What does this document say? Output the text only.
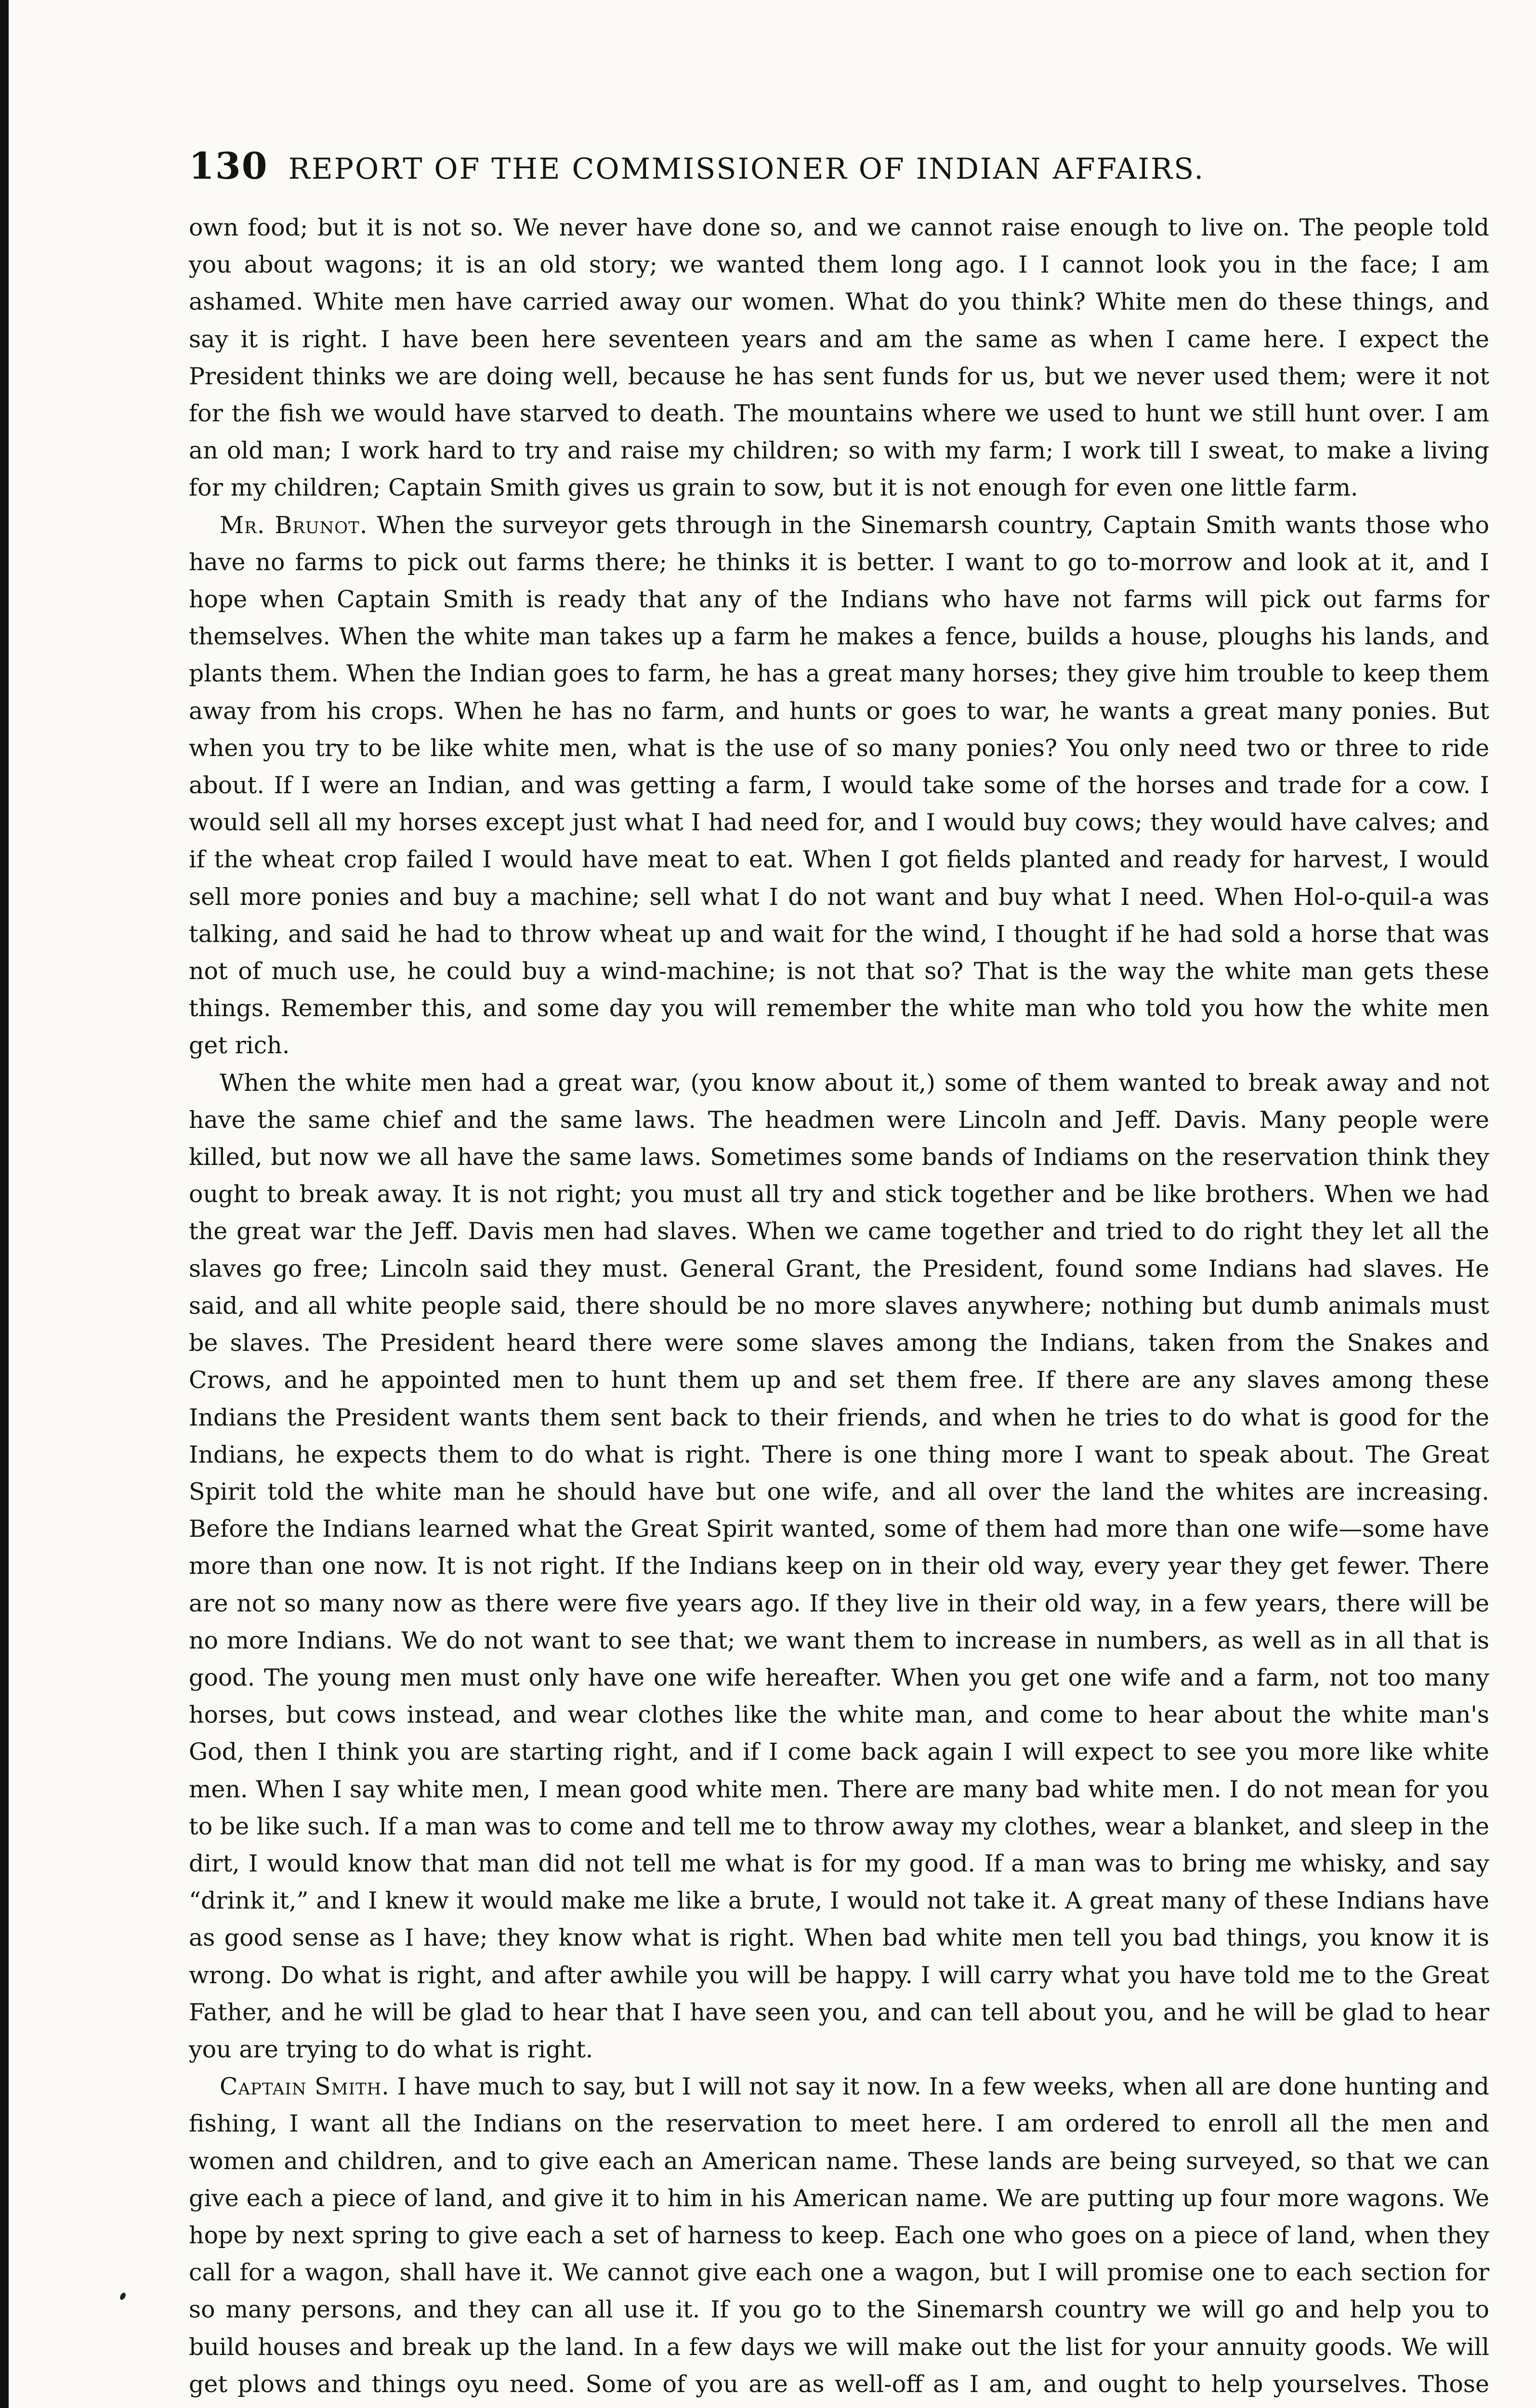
130 REPORT OF THE COMMISSIONER OF INDIAN AFFAIRS.

own food; but it is not so. We never have done so, and we cannot raise enough to live on. The people told you about wagons; it is an old story; we wanted them long ago. I I cannot look you in the face; I am ashamed. White men have carried away our women. What do you think? White men do these things, and say it is right. I have been here seventeen years and am the same as when I came here. I expect the President thinks we are doing well, because he has sent funds for us, but we never used them; were it not for the fish we would have starved to death. The mountains where we used to hunt we still hunt over. I am an old man; I work hard to try and raise my children; so with my farm; I work till I sweat, to make a living for my children; Captain Smith gives us grain to sow, but it is not enough for even one little farm.

Mr. Brunot. When the surveyor gets through in the Sinemarsh country, Captain Smith wants those who have no farms to pick out farms there; he thinks it is better. I want to go to-morrow and look at it, and I hope when Captain Smith is ready that any of the Indians who have not farms will pick out farms for themselves. When the white man takes up a farm he makes a fence, builds a house, ploughs his lands, and plants them. When the Indian goes to farm, he has a great many horses; they give him trouble to keep them away from his crops. When he has no farm, and hunts or goes to war, he wants a great many ponies. But when you try to be like white men, what is the use of so many ponies? You only need two or three to ride about. If I were an Indian, and was getting a farm, I would take some of the horses and trade for a cow. I would sell all my horses except just what I had need for, and I would buy cows; they would have calves; and if the wheat crop failed I would have meat to eat. When I got fields planted and ready for harvest, I would sell more ponies and buy a machine; sell what I do not want and buy what I need. When Hol-o-quil-a was talking, and said he had to throw wheat up and wait for the wind, I thought if he had sold a horse that was not of much use, he could buy a wind-machine; is not that so? That is the way the white man gets these things. Remember this, and some day you will remember the white man who told you how the white men get rich.

When the white men had a great war, (you know about it,) some of them wanted to break away and not have the same chief and the same laws. The headmen were Lincoln and Jeff. Davis. Many people were killed, but now we all have the same laws. Sometimes some bands of Indiams on the reservation think they ought to break away. It is not right; you must all try and stick together and be like brothers. When we had the great war the Jeff. Davis men had slaves. When we came together and tried to do right they let all the slaves go free; Lincoln said they must. General Grant, the President, found some Indians had slaves. He said, and all white people said, there should be no more slaves anywhere; nothing but dumb animals must be slaves. The President heard there were some slaves among the Indians, taken from the Snakes and Crows, and he appointed men to hunt them up and set them free. If there are any slaves among these Indians the President wants them sent back to their friends, and when he tries to do what is good for the Indians, he expects them to do what is right. There is one thing more I want to speak about. The Great Spirit told the white man he should have but one wife, and all over the land the whites are increasing. Before the Indians learned what the Great Spirit wanted, some of them had more than one wife—some have more than one now. It is not right. If the Indians keep on in their old way, every year they get fewer. There are not so many now as there were five years ago. If they live in their old way, in a few years, there will be no more Indians. We do not want to see that; we want them to increase in numbers, as well as in all that is good. The young men must only have one wife hereafter. When you get one wife and a farm, not too many horses, but cows instead, and wear clothes like the white man, and come to hear about the white man's God, then I think you are starting right, and if I come back again I will expect to see you more like white men. When I say white men, I mean good white men. There are many bad white men. I do not mean for you to be like such. If a man was to come and tell me to throw away my clothes, wear a blanket, and sleep in the dirt, I would know that man did not tell me what is for my good. If a man was to bring me whisky, and say “drink it,” and I knew it would make me like a brute, I would not take it. A great many of these Indians have as good sense as I have; they know what is right. When bad white men tell you bad things, you know it is wrong. Do what is right, and after awhile you will be happy. I will carry what you have told me to the Great Father, and he will be glad to hear that I have seen you, and can tell about you, and he will be glad to hear you are trying to do what is right.

Captain Smith. I have much to say, but I will not say it now. In a few weeks, when all are done hunting and fishing, I want all the Indians on the reservation to meet here. I am ordered to enroll all the men and women and children, and to give each an American name. These lands are being surveyed, so that we can give each a piece of land, and give it to him in his American name. We are putting up four more wagons. We hope by next spring to give each a set of harness to keep. Each one who goes on a piece of land, when they call for a wagon, shall have it. We cannot give each one a wagon, but I will promise one to each section for so many persons, and they can all use it. If you go to the Sinemarsh country we will go and help you to build houses and break up the land. In a few days we will make out the list for your annuity goods. We will get plows and things oyu need. Some of you are as well-off as I am, and ought to help yourselves. Those
